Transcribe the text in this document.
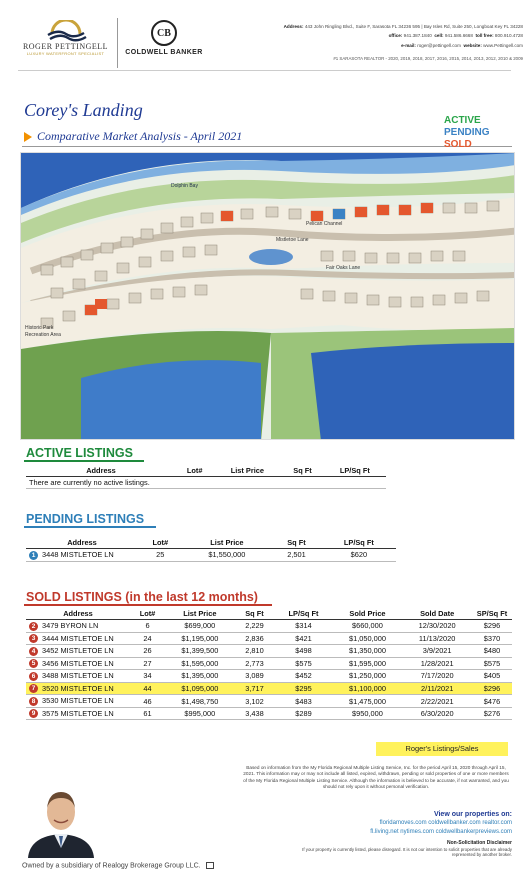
ROGER PETTINGELL
LUXURY WATERFRONT SPECIALIST
CB
COLDWELL BANKER
Address: 443 John Ringling Blvd., Suite F, Sarasota FL 34236 595 | Bay Isles Rd, Suite 250, Longboat Key FL 34228
office: 941.387.1840 cell: 941.586.6668 toll free: 800.910.4728
e-mail: roger@pettingell.com website: www.Pettingell.com
#1 SARASOTA REALTOR - 2020, 2019, 2018, 2017, 2016, 2015, 2014, 2013, 2012, 2010 & 2009
Corey's Landing
Comparative Market Analysis - April 2021
ACTIVE
PENDING
SOLD
Dolphin Bay
Mistletoe Lane
Fair Oaks Lane
Pelican Channel
Historic Park
Recreation Area
ACTIVE LISTINGS
Address	Lot#	List Price	Sq Ft	LP/Sq Ft
There are currently no active listings.
PENDING LISTINGS
Address	Lot#	List Price	Sq Ft	LP/Sq Ft
1 3448 MISTLETOE LN	25	$1,550,000	2,501	$620
SOLD LISTINGS (in the last 12 months)
Address	Lot#	List Price	Sq Ft	LP/Sq Ft	Sold Price	Sold Date	SP/Sq Ft
2 3479 BYRON LN	6	$699,000	2,229	$314	$660,000	12/30/2020	$296
3 3444 MISTLETOE LN	24	$1,195,000	2,836	$421	$1,050,000	11/13/2020	$370
4 3452 MISTLETOE LN	26	$1,399,500	2,810	$498	$1,350,000	3/9/2021	$480
5 3456 MISTLETOE LN	27	$1,595,000	2,773	$575	$1,595,000	1/28/2021	$575
6 3488 MISTLETOE LN	34	$1,395,000	3,089	$452	$1,250,000	7/17/2020	$405
7 3520 MISTLETOE LN	44	$1,095,000	3,717	$295	$1,100,000	2/11/2021	$296
8 3530 MISTLETOE LN	46	$1,498,750	3,102	$483	$1,475,000	2/22/2021	$476
9 3575 MISTLETOE LN	61	$995,000	3,438	$289	$950,000	6/30/2020	$276
Roger's Listings/Sales
Based on information from the My Florida Regional Multiple Listing Service, Inc. for the period April 15, 2020 through April 15, 2021. This information may or may not include all listed, expired, withdrawn, pending or sold properties of one or more members of the My Florida Regional Multiple Listing Service. Although the information is believed to be accurate, if not warranted, and you should not rely upon it without personal verification.
View our properties on:
floridamoves.com coldwellbanker.com realtor.com
fl.living.net nytimes.com coldwellbankerpreviews.com
Non-Solicitation Disclaimer
If your property is currently listed, please disregard. It is not our intention to solicit properties that are already represented by another broker.
Owned by a subsidiary of Realogy Brokerage Group LLC.
